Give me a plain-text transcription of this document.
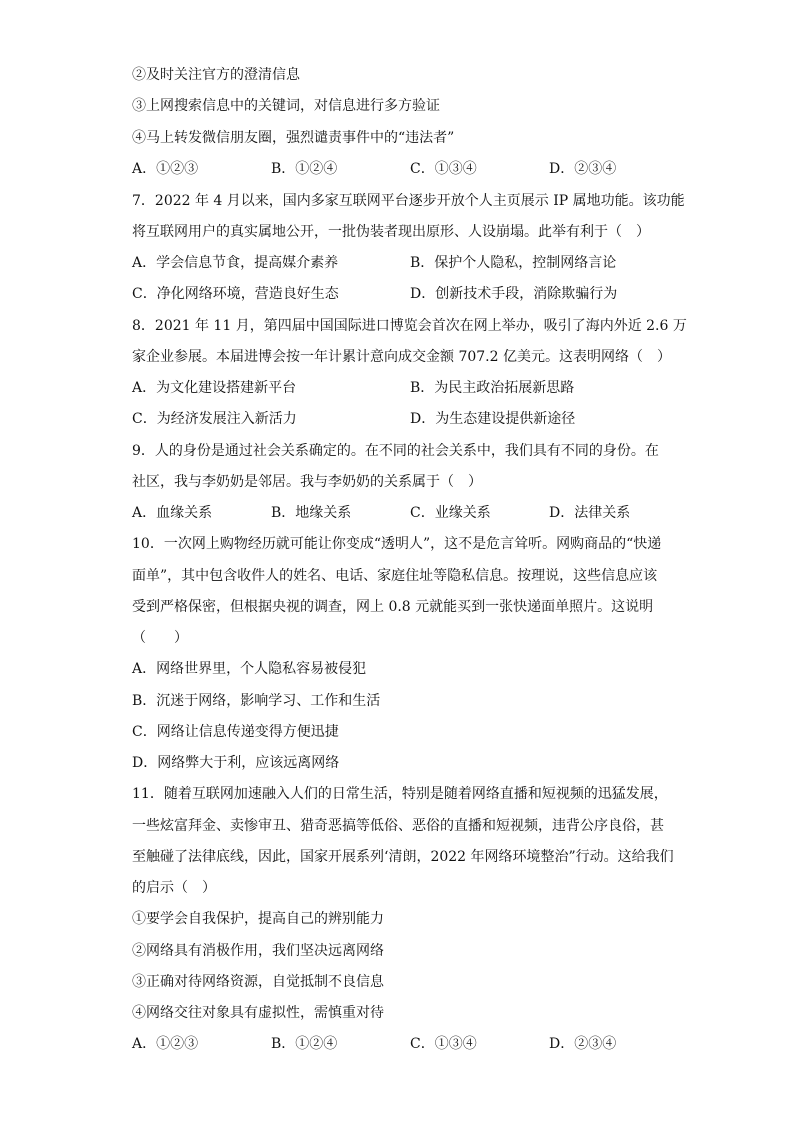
②及时关注官方的澄清信息
③上网搜索信息中的关键词，对信息进行多方验证
④马上转发微信朋友圈，强烈谴责事件中的“违法者”
A．①②③	B．①②④	C．①③④	D．②③④
7．2022 年 4 月以来，国内多家互联网平台逐步开放个人主页展示 IP 属地功能。该功能
将互联网用户的真实属地公开，一批伪装者现出原形、人设崩塌。此举有利于（　）
A．学会信息节食，提高媒介素养	B．保护个人隐私，控制网络言论
C．净化网络环境，营造良好生态	D．创新技术手段，消除欺骗行为
8．2021 年 11 月，第四届中国国际进口博览会首次在网上举办，吸引了海内外近 2.6 万
家企业参展。本届进博会按一年计累计意向成交金额 707.2 亿美元。这表明网络（　）
A．为文化建设搭建新平台	B．为民主政治拓展新思路
C．为经济发展注入新活力	D．为生态建设提供新途径
9．人的身份是通过社会关系确定的。在不同的社会关系中，我们具有不同的身份。在
社区，我与李奶奶是邻居。我与李奶奶的关系属于（　）
A．血缘关系	B．地缘关系	C．业缘关系	D．法律关系
10．一次网上购物经历就可能让你变成“透明人”，这不是危言耸听。网购商品的“快递
面单”，其中包含收件人的姓名、电话、家庭住址等隐私信息。按理说，这些信息应该
受到严格保密，但根据央视的调查，网上 0.8 元就能买到一张快递面单照片。这说明
（　　）
A．网络世界里，个人隐私容易被侵犯
B．沉迷于网络，影响学习、工作和生活
C．网络让信息传递变得方便迅捷
D．网络弊大于利，应该远离网络
11．随着互联网加速融入人们的日常生活，特别是随着网络直播和短视频的迅猛发展，
一些炫富拜金、卖惨审丑、猎奇恶搞等低俗、恶俗的直播和短视频，违背公序良俗，甚
至触碰了法律底线，因此，国家开展系列‘清朗，2022 年网络环境整治”行动。这给我们
的启示（　）
①要学会自我保护，提高自己的辨别能力
②网络具有消极作用，我们坚决远离网络
③正确对待网络资源，自觉抵制不良信息
④网络交往对象具有虚拟性，需慎重对待
A．①②③	B．①②④	C．①③④	D．②③④
